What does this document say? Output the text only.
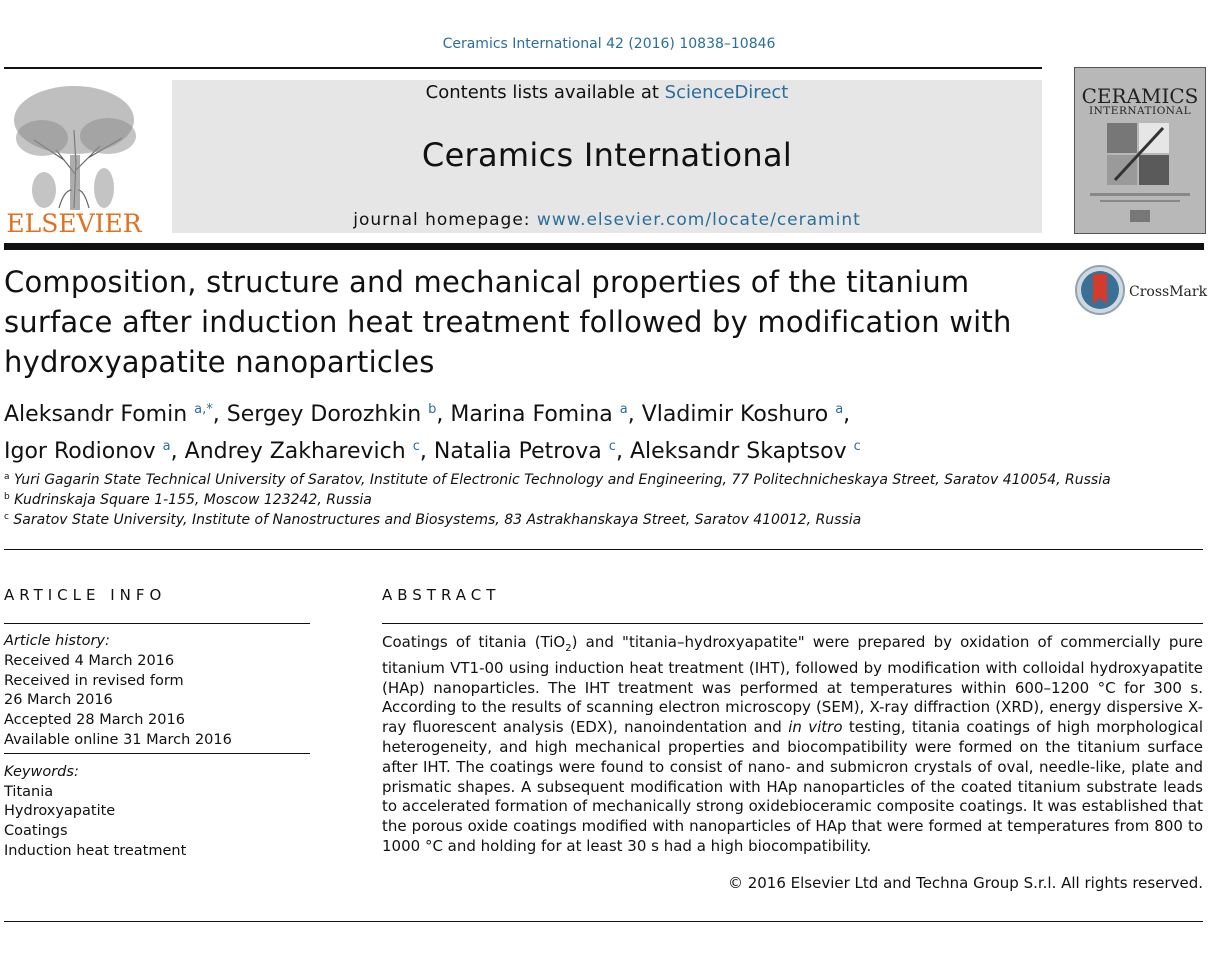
Ceramics International 42 (2016) 10838–10846
ELSEVIER
Contents lists available at ScienceDirect
Ceramics International
journal homepage: www.elsevier.com/locate/ceramint
CERAMICS
INTERNATIONAL
Composition, structure and mechanical properties of the titanium surface after induction heat treatment followed by modification with hydroxyapatite nanoparticles
CrossMark
Aleksandr Fomin $^{a,*}$, Sergey Dorozhkin $^b$, Marina Fomina $^a$, Vladimir Koshuro $^a$,
Igor Rodionov $^a$, Andrey Zakharevich $^c$, Natalia Petrova $^c$, Aleksandr Skaptsov $^c$
$^a$ Yuri Gagarin State Technical University of Saratov, Institute of Electronic Technology and Engineering, 77 Politechnicheskaya Street, Saratov 410054, Russia
$^b$ Kudrinskaja Square 1-155, Moscow 123242, Russia
$^c$ Saratov State University, Institute of Nanostructures and Biosystems, 83 Astrakhanskaya Street, Saratov 410012, Russia
ARTICLE INFO	ABSTRACT
Article history:
Received 4 March 2016
Received in revised form
26 March 2016
Accepted 28 March 2016
Available online 31 March 2016
Keywords:
Titania
Hydroxyapatite
Coatings
Induction heat treatment
Coatings of titania (TiO$_2$) and "titania–hydroxyapatite" were prepared by oxidation of commercially pure titanium VT1-00 using induction heat treatment (IHT), followed by modification with colloidal hydroxyapatite (HAp) nanoparticles. The IHT treatment was performed at temperatures within 600–1200 °C for 300 s. According to the results of scanning electron microscopy (SEM), X-ray diffraction (XRD), energy dispersive X-ray fluorescent analysis (EDX), nanoindentation and in vitro testing, titania coatings of high morphological heterogeneity, and high mechanical properties and biocompatibility were formed on the titanium surface after IHT. The coatings were found to consist of nano- and submicron crystals of oval, needle-like, plate and prismatic shapes. A subsequent modification with HAp nanoparticles of the coated titanium substrate leads to accelerated formation of mechanically strong oxidebioceramic composite coatings. It was established that the porous oxide coatings modified with nanoparticles of HAp that were formed at temperatures from 800 to 1000 °C and holding for at least 30 s had a high biocompatibility.
© 2016 Elsevier Ltd and Techna Group S.r.l. All rights reserved.
